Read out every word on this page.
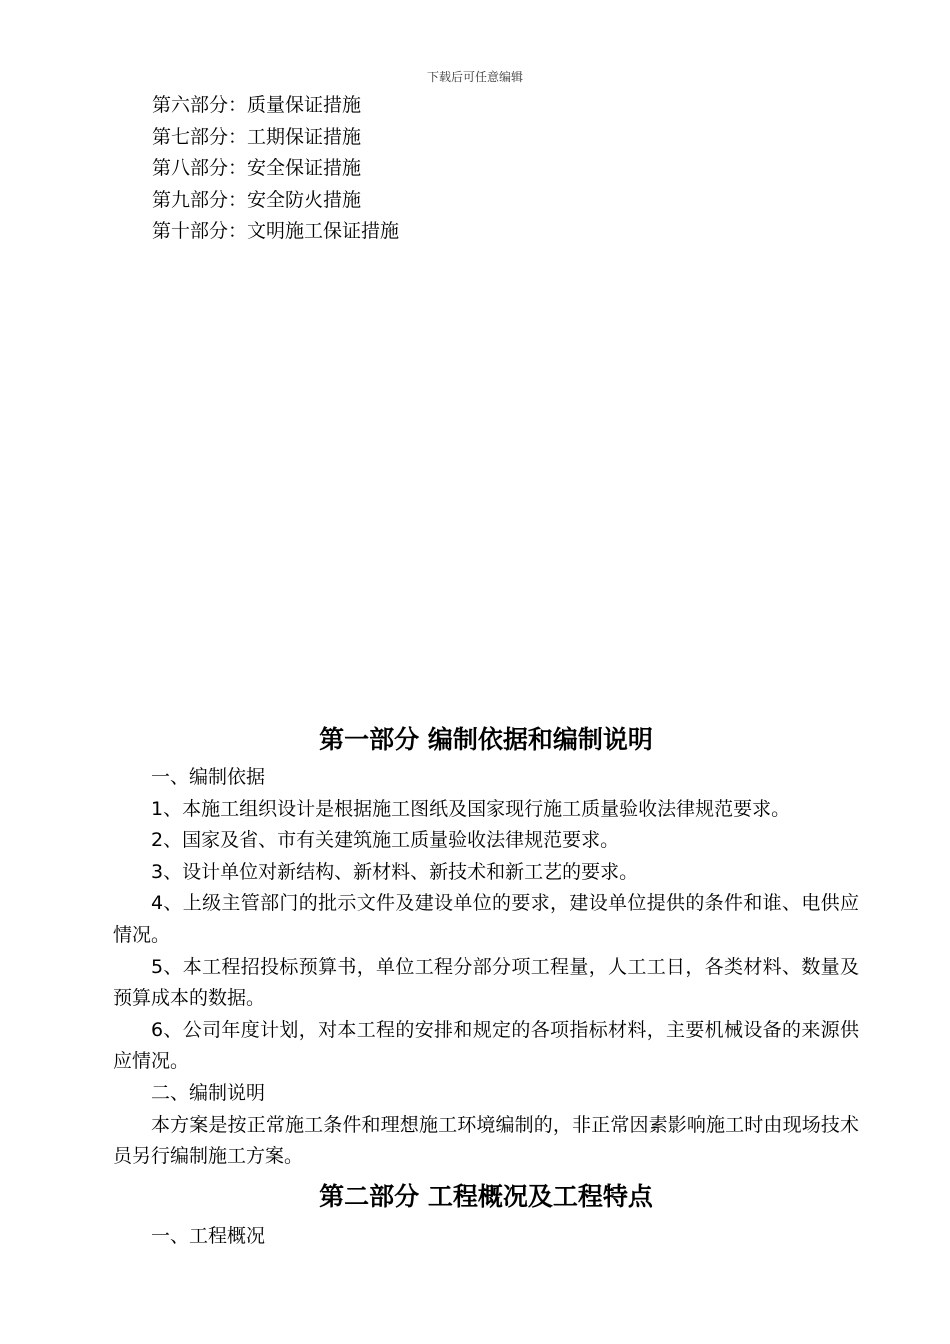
下载后可任意编辑
第六部分：质量保证措施
第七部分：工期保证措施
第八部分：安全保证措施
第九部分：安全防火措施
第十部分：文明施工保证措施
第一部分 编制依据和编制说明

一、编制依据

1、本施工组织设计是根据施工图纸及国家现行施工质量验收法律规范要求。

2、国家及省、市有关建筑施工质量验收法律规范要求。

3、设计单位对新结构、新材料、新技术和新工艺的要求。

4、上级主管部门的批示文件及建设单位的要求，建设单位提供的条件和谁、电供应情况。

5、本工程招投标预算书，单位工程分部分项工程量，人工工日，各类材料、数量及预算成本的数据。

6、公司年度计划，对本工程的安排和规定的各项指标材料，主要机械设备的来源供应情况。

二、编制说明

本方案是按正常施工条件和理想施工环境编制的，非正常因素影响施工时由现场技术员另行编制施工方案。

第二部分 工程概况及工程特点

一、工程概况
